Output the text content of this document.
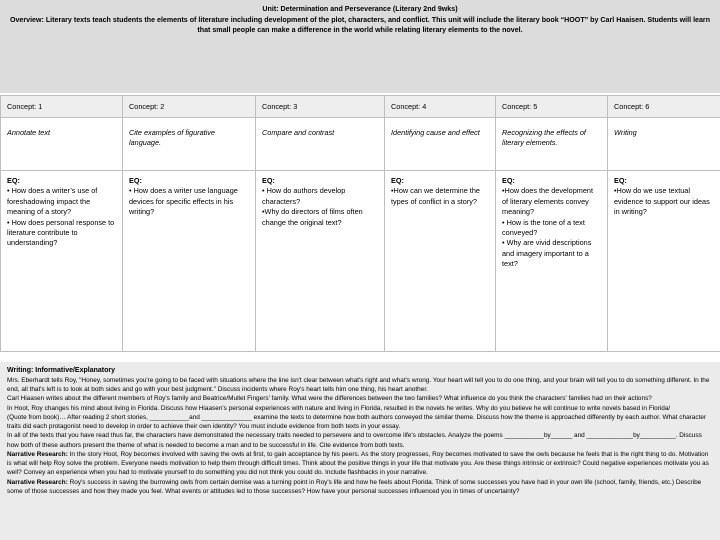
Unit: Determination and Perseverance (Literary 2nd 9wks)
Overview: Literary texts teach students the elements of literature including development of the plot, characters, and conflict. This unit will include the literary book “HOOT” by Carl Haaisen. Students will learn that small people can make a difference in the world while relating literary elements to the novel.
Concept: 1	Concept: 2	Concept: 3	Concept: 4	Concept: 5	Concept: 6
Annotate text	Cite examples of figurative language.	Compare and contrast	Identifying cause and effect	Recognizing the effects of literary elements.	Writing

EQ:
• How does a writer’s use of foreshadowing impact the meaning of a story?
• How does personal response to literature contribute to understanding?	EQ:
• How does a writer use language devices for specific effects in his writing?	EQ:
• How do authors develop characters?
•Why do directors of films often change the original text?	EQ:
•How can we determine the types of conflict in a story?	EQ:
•How does the development of literary elements convey meaning?
• How is the tone of a text conveyed?
• Why are vivid descriptions and imagery important to a text?	EQ:
•How do we use textual evidence to support our ideas in writing?
Writing: Informative/Explanatory
Mrs. Eberhardt tells Roy, "Honey, sometimes you're going to be faced with situations where the line isn't clear between what's right and what's wrong. Your heart will tell you to do one thing, and your brain will tell you to do something different. In the end, all that's left is to look at both sides and go with your best judgment." Discuss incidents where Roy's heart tells him one thing, his heart another.
Carl Hiaasen writes about the different members of Roy's family and Beatrice/Mullet Fingers' family. What were the differences between the two families? What influence do you think the characters' families had on their actions?
In Hoot, Roy changes his mind about living in Florida. Discuss how Hiaasen's personal experiences with nature and living in Florida, resulted in the novels he writes. Why do you believe he will continue to write novels based in Florida/
(Quote from book)… After reading 2 short stories, ___________and ______________ examine the texts to determine how both authors conveyed the similar theme. Discuss how the theme is approached differently by each author. What character traits did each protagonist need to develop in order to achieve their own identity? You must include evidence from both texts in your essay.
In all of the texts that you have read thus far, the characters have demonstrated the necessary traits needed to persevere and to overcome life's obstacles. Analyze the poems ___________by______ and _____________by__________. Discuss how both of these authors present the theme of what is needed to become a man and to be successful in life. Cite evidence from both texts.
Narrative Research: In the story Hoot, Roy becomes involved with saving the owls at first, to gain acceptance by his peers. As the story progresses, Roy becomes motivated to save the owls because he feels that is the right thing to do. Motivation is what will help Roy solve the problem. Everyone needs motivation to help them through difficult times. Think about the positive things in your life that motivate you. Are these things intrinsic or extrinsic? Could negative experiences motivate you as well? Convey an experience when you had to motivate yourself to do something you did not think you could do. Include flashbacks in your narrative.
Narrative Research: Roy's success in saving the burrowing owls from certain demise was a turning point in Roy's life and how he feels about Florida. Think of some successes you have had in your own life (school, family, friends, etc.) Describe some of those successes and how they made you feel. What events or attitudes led to those successes? How have your personal successes influenced you in times of uncertainty?
